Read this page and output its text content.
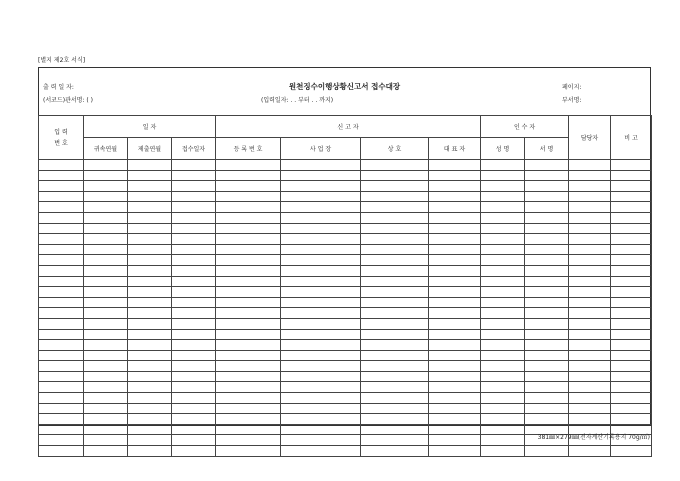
[별지 제2호 서식]
출 력 일 자:
(서코드)관서명: ( )
원천징수이행상황신고서 접수대장
(입력일자: . . 부터 . . 까지)
페이지:
부서명:
입 력
번 호	일 자			신 고 자				인 수 자		담당자	비 고
	귀속연월	제출연월	접수일자	등 록 번 호	사 업 장	상 호	대 표 자	성 명	서 명		

381㎜×279㎜(전자계산기록용지 70g/㎡)
